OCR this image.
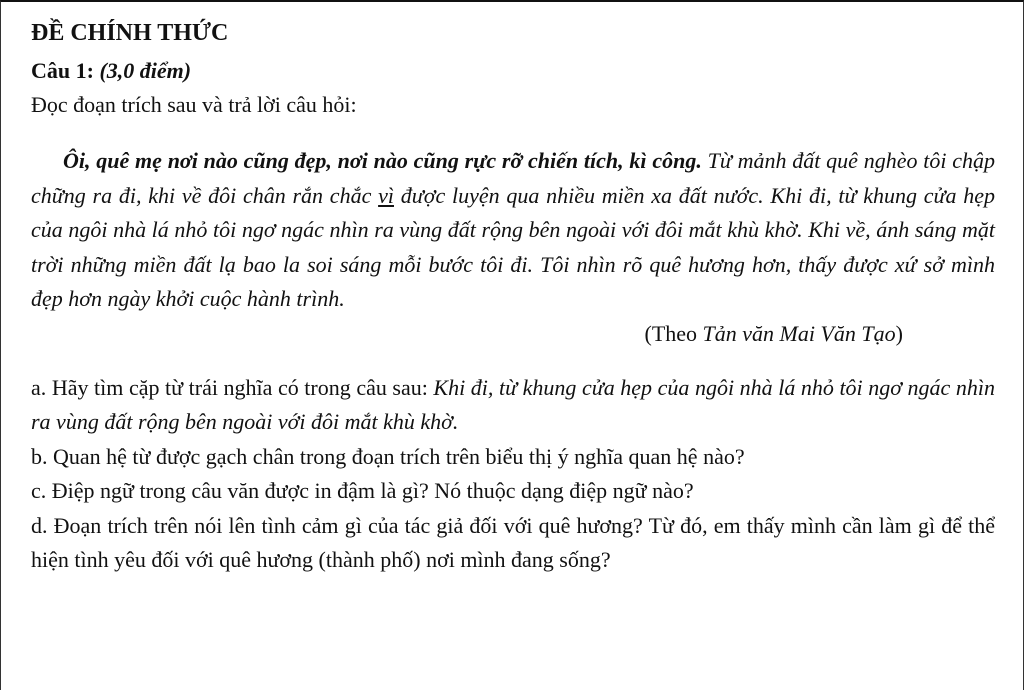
ĐỀ CHÍNH THỨC
Câu 1: (3,0 điểm)
Đọc đoạn trích sau và trả lời câu hỏi:
Ôi, quê mẹ nơi nào cũng đẹp, nơi nào cũng rực rỡ chiến tích, kì công. Từ mảnh đất quê nghèo tôi chập chững ra đi, khi về đôi chân rắn chắc vì được luyện qua nhiều miền xa đất nước. Khi đi, từ khung cửa hẹp của ngôi nhà lá nhỏ tôi ngơ ngác nhìn ra vùng đất rộng bên ngoài với đôi mắt khù khờ. Khi về, ánh sáng mặt trời những miền đất lạ bao la soi sáng mỗi bước tôi đi. Tôi nhìn rõ quê hương hơn, thấy được xứ sở mình đẹp hơn ngày khởi cuộc hành trình.
(Theo Tản văn Mai Văn Tạo)
a. Hãy tìm cặp từ trái nghĩa có trong câu sau: Khi đi, từ khung cửa hẹp của ngôi nhà lá nhỏ tôi ngơ ngác nhìn ra vùng đất rộng bên ngoài với đôi mắt khù khờ.
b. Quan hệ từ được gạch chân trong đoạn trích trên biểu thị ý nghĩa quan hệ nào?
c. Điệp ngữ trong câu văn được in đậm là gì? Nó thuộc dạng điệp ngữ nào?
d. Đoạn trích trên nói lên tình cảm gì của tác giả đối với quê hương? Từ đó, em thấy mình cần làm gì để thể hiện tình yêu đối với quê hương (thành phố) nơi mình đang sống?
